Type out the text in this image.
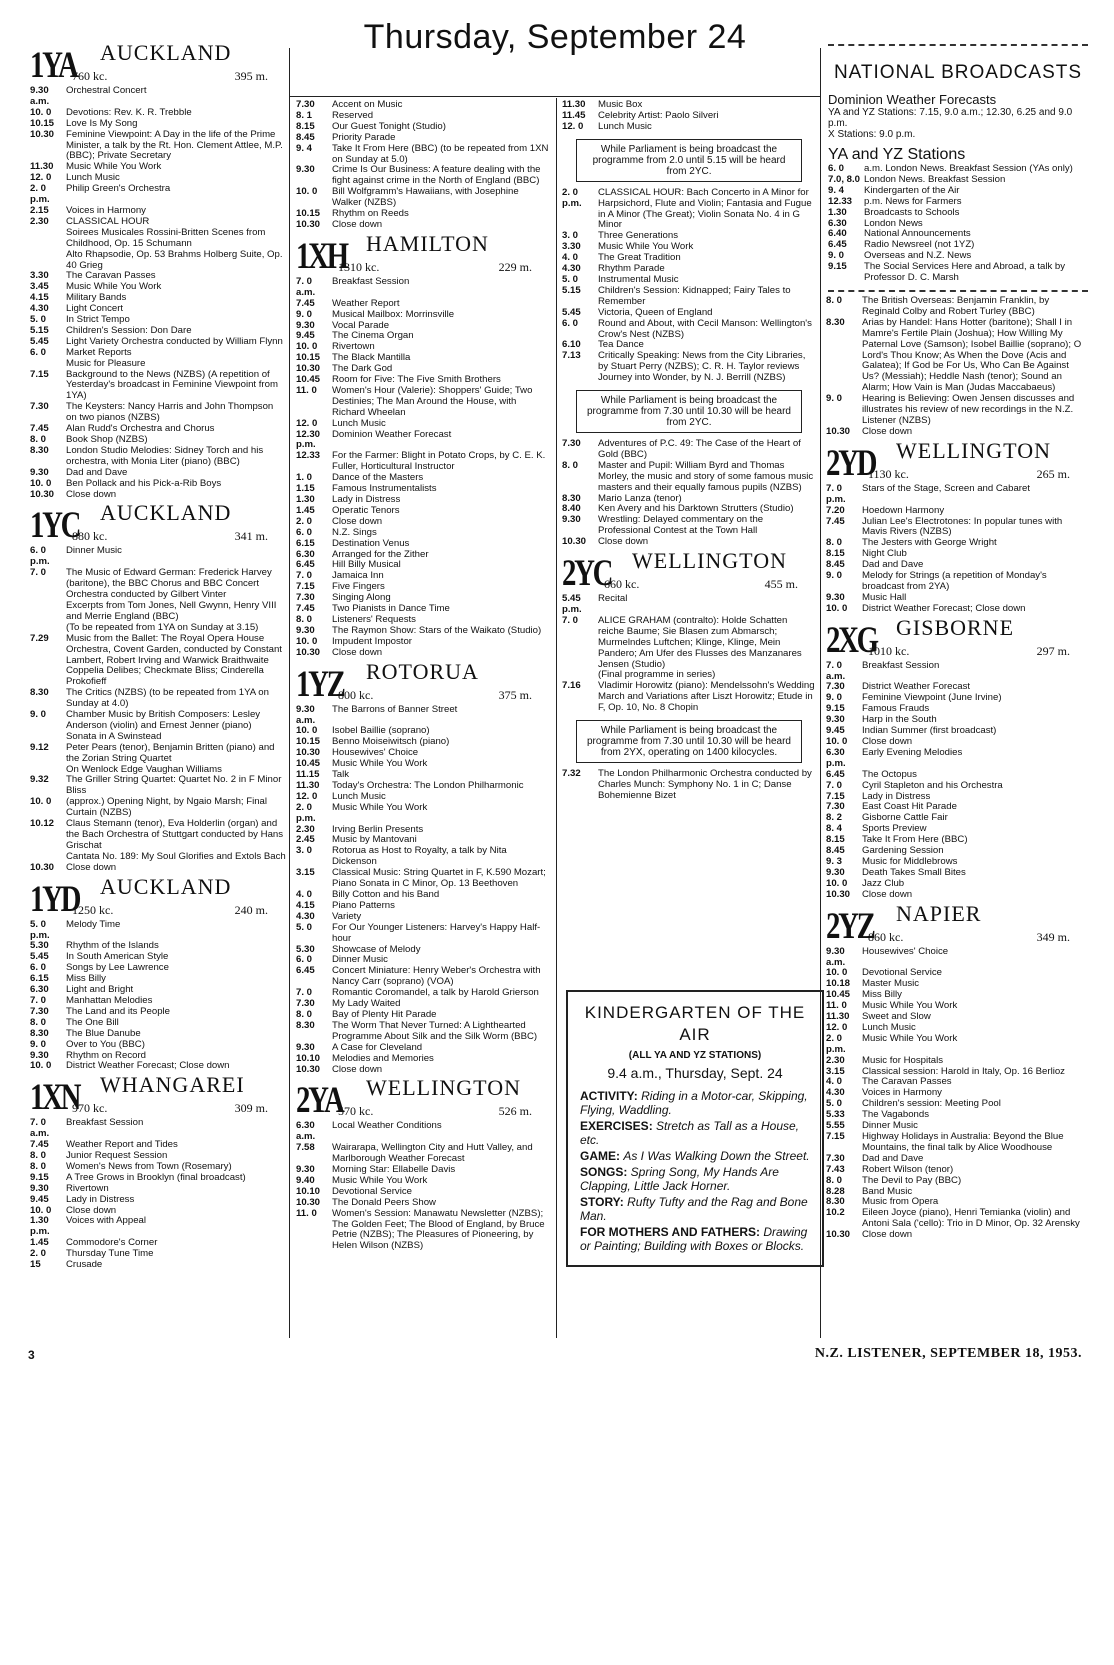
Thursday, September 24
1YA
760 kc.
AUCKLAND
395 m.
9.30 a.m.
Orchestral Concert
10. 0	Devotions: Rev. K. R. Trebble
10.15	Love Is My Song
10.30	Feminine Viewpoint: A Day in the life of the Prime Minister, a talk by the Rt. Hon. Clement Attlee, M.P. (BBC); Private Secretary
11.30	Music While You Work
12. 0	Lunch Music
2. 0 p.m.
Philip Green's Orchestra
2.15	Voices in Harmony
2.30	CLASSICAL HOUR
Soirees Musicales Rossini-Britten Scenes from Childhood, Op. 15 Schumann
Alto Rhapsodie, Op. 53 Brahms Holberg Suite, Op. 40 Grieg
3.30	The Caravan Passes
3.45	Music While You Work
4.15	Military Bands
4.30	Light Concert
5. 0	In Strict Tempo
5.15	Children's Session: Don Dare
5.45	Light Variety Orchestra conducted by William Flynn
6. 0	Market Reports
Music for Pleasure
7.15	Background to the News (NZBS) (A repetition of Yesterday's broadcast in Feminine Viewpoint from 1YA)
7.30	The Keysters: Nancy Harris and John Thompson on two pianos (NZBS)
7.45	Alan Rudd's Orchestra and Chorus
8. 0	Book Shop (NZBS)
8.30	London Studio Melodies: Sidney Torch and his orchestra, with Monia Liter (piano) (BBC)
9.30	Dad and Dave
10. 0	Ben Pollack and his Pick-a-Rib Boys
10.30	Close down
1YC
880 kc.
AUCKLAND
341 m.
6. 0 p.m.
Dinner Music
7. 0	The Music of Edward German: Frederick Harvey (baritone), the BBC Chorus and BBC Concert Orchestra conducted by Gilbert Vinter
Excerpts from Tom Jones, Nell Gwynn, Henry VIII and Merrie England (BBC)
(To be repeated from 1YA on Sunday at 3.15)
7.29	Music from the Ballet: The Royal Opera House Orchestra, Covent Garden, conducted by Constant Lambert, Robert Irving and Warwick Braithwaite
Coppelia Delibes; Checkmate Bliss; Cinderella Prokofieff
8.30	The Critics (NZBS) (to be repeated from 1YA on Sunday at 4.0)
9. 0	Chamber Music by British Composers: Lesley Anderson (violin) and Ernest Jenner (piano)
Sonata in A Swinstead
9.12	Peter Pears (tenor), Benjamin Britten (piano) and the Zorian String Quartet
On Wenlock Edge Vaughan Williams
9.32	The Griller String Quartet: Quartet No. 2 in F Minor Bliss
10. 0	(approx.) Opening Night, by Ngaio Marsh; Final Curtain (NZBS)
10.12	Claus Stemann (tenor), Eva Holderlin (organ) and the Bach Orchestra of Stuttgart conducted by Hans Grischat
Cantata No. 189: My Soul Glorifies and Extols Bach
10.30	Close down
1YD
1250 kc.
AUCKLAND
240 m.
5. 0 p.m.
Melody Time
5.30	Rhythm of the Islands
5.45	In South American Style
6. 0	Songs by Lee Lawrence
6.15	Miss Billy
6.30	Light and Bright
7. 0	Manhattan Melodies
7.30	The Land and its People
8. 0	The One Bill
8.30	The Blue Danube
9. 0	Over to You (BBC)
9.30	Rhythm on Record
10. 0	District Weather Forecast; Close down
1XN
970 kc.
WHANGAREI
309 m.
7. 0 a.m.
Breakfast Session
7.45	Weather Report and Tides
8. 0	Junior Request Session
8. 0	Women's News from Town (Rosemary)
9.15	A Tree Grows in Brooklyn (final broadcast)
9.30	Rivertown
9.45	Lady in Distress
10. 0	Close down
1.30 p.m.
Voices with Appeal
1.45	Commodore's Corner
2. 0	Thursday Tune Time
15	Crusade
7.30	Accent on Music
8. 1	Reserved
8.15	Our Guest Tonight (Studio)
8.45	Priority Parade
9. 4	Take It From Here (BBC) (to be repeated from 1XN on Sunday at 5.0)
9.30	Crime Is Our Business: A feature dealing with the fight against crime in the North of England (BBC)
10. 0	Bill Wolfgramm's Hawaiians, with Josephine Walker (NZBS)
10.15	Rhythm on Reeds
10.30	Close down
1XH
1310 kc.
HAMILTON
229 m.
7. 0 a.m.
Breakfast Session
7.45	Weather Report
9. 0	Musical Mailbox: Morrinsville
9.30	Vocal Parade
9.45	The Cinema Organ
10. 0	Rivertown
10.15	The Black Mantilla
10.30	The Dark God
10.45	Room for Five: The Five Smith Brothers
11. 0	Women's Hour (Valerie): Shoppers' Guide; Two Destinies; The Man Around the House, with Richard Wheelan
12. 0	Lunch Music
12.30 p.m.
Dominion Weather Forecast
12.33	For the Farmer: Blight in Potato Crops, by C. E. K. Fuller, Horticultural Instructor
1. 0	Dance of the Masters
1.15	Famous Instrumentalists
1.30	Lady in Distress
1.45	Operatic Tenors
2. 0	Close down
6. 0	N.Z. Sings
6.15	Destination Venus
6.30	Arranged for the Zither
6.45	Hill Billy Musical
7. 0	Jamaica Inn
7.15	Five Fingers
7.30	Singing Along
7.45	Two Pianists in Dance Time
8. 0	Listeners' Requests
9.30	The Raymon Show: Stars of the Waikato (Studio)
10. 0	Impudent Impostor
10.30	Close down
1YZ
800 kc.
ROTORUA
375 m.
9.30 a.m.
The Barrons of Banner Street
10. 0	Isobel Baillie (soprano)
10.15	Benno Moiseiwitsch (piano)
10.30	Housewives' Choice
10.45	Music While You Work
11.15	Talk
11.30	Today's Orchestra: The London Philharmonic
12. 0	Lunch Music
2. 0 p.m.
Music While You Work
2.30	Irving Berlin Presents
2.45	Music by Mantovani
3. 0	Rotorua as Host to Royalty, a talk by Nita Dickenson
3.15	Classical Music: String Quartet in F, K.590 Mozart; Piano Sonata in C Minor, Op. 13 Beethoven
4. 0	Billy Cotton and his Band
4.15	Piano Patterns
4.30	Variety
5. 0	For Our Younger Listeners: Harvey's Happy Half-hour
5.30	Showcase of Melody
6. 0	Dinner Music
6.45	Concert Miniature: Henry Weber's Orchestra with Nancy Carr (soprano) (VOA)
7. 0	Romantic Coromandel, a talk by Harold Grierson
7.30	My Lady Waited
8. 0	Bay of Plenty Hit Parade
8.30	The Worm That Never Turned: A Lighthearted Programme About Silk and the Silk Worm (BBC)
9.30	A Case for Cleveland
10.10	Melodies and Memories
10.30	Close down
2YA
570 kc.
WELLINGTON
526 m.
6.30 a.m.
Local Weather Conditions
7.58	Wairarapa, Wellington City and Hutt Valley, and Marlborough Weather Forecast
9.30	Morning Star: Ellabelle Davis
9.40	Music While You Work
10.10	Devotional Service
10.30	The Donald Peers Show
11. 0	Women's Session: Manawatu Newsletter (NZBS); The Golden Feet; The Blood of England, by Bruce Petrie (NZBS); The Pleasures of Pioneering, by Helen Wilson (NZBS)
11.30	Music Box
11.45	Celebrity Artist: Paolo Silveri
12. 0	Lunch Music
While Parliament is being broadcast the programme from 2.0 until 5.15 will be heard from 2YC.
2. 0 p.m.
CLASSICAL HOUR: Bach Concerto in A Minor for Harpsichord, Flute and Violin; Fantasia and Fugue in A Minor (The Great); Violin Sonata No. 4 in G Minor
3. 0	Three Generations
3.30	Music While You Work
4. 0	The Great Tradition
4.30	Rhythm Parade
5. 0	Instrumental Music
5.15	Children's Session: Kidnapped; Fairy Tales to Remember
5.45	Victoria, Queen of England
6. 0	Round and About, with Cecil Manson: Wellington's Crow's Nest (NZBS)
6.10	Tea Dance
7.13	Critically Speaking: News from the City Libraries, by Stuart Perry (NZBS); C. R. H. Taylor reviews Journey into Wonder, by N. J. Berrill (NZBS)
While Parliament is being broadcast the programme from 7.30 until 10.30 will be heard from 2YC.
7.30	Adventures of P.C. 49: The Case of the Heart of Gold (BBC)
8. 0	Master and Pupil: William Byrd and Thomas Morley, the music and story of some famous music masters and their equally famous pupils (NZBS)
8.30	Mario Lanza (tenor)
8.40	Ken Avery and his Darktown Strutters (Studio)
9.30	Wrestling: Delayed commentary on the Professional Contest at the Town Hall
10.30	Close down
2YC
660 kc.
WELLINGTON
455 m.
5.45 p.m.
Recital
7. 0	ALICE GRAHAM (contralto): Holde Schatten reiche Baume; Sie Blasen zum Abmarsch; Murmelndes Luftchen; Klinge, Klinge, Mein Pandero; Am Ufer des Flusses des Manzanares Jensen (Studio)
(Final programme in series)
7.16	Vladimir Horowitz (piano): Mendelssohn's Wedding March and Variations after Liszt Horowitz; Etude in F, Op. 10, No. 8 Chopin
While Parliament is being broadcast the programme from 7.30 until 10.30 will be heard from 2YX, operating on 1400 kilocycles.
7.32	The London Philharmonic Orchestra conducted by Charles Munch: Symphony No. 1 in C; Danse Bohemienne Bizet
KINDERGARTEN OF THE AIR
(ALL YA AND YZ STATIONS)
9.4 a.m., Thursday, Sept. 24
ACTIVITY: Riding in a Motor-car, Skipping, Flying, Waddling.
EXERCISES: Stretch as Tall as a House, etc.
GAME: As I Was Walking Down the Street.
SONGS: Spring Song, My Hands Are Clapping, Little Jack Horner.
STORY: Rufty Tufty and the Rag and Bone Man.
FOR MOTHERS AND FATHERS: Drawing or Painting; Building with Boxes or Blocks.
NATIONAL BROADCASTS
Dominion Weather Forecasts
YA and YZ Stations: 7.15, 9.0 a.m.; 12.30, 6.25 and 9.0 p.m.
X Stations: 9.0 p.m.
YA and YZ Stations
6. 0	a.m. London News. Breakfast Session (YAs only)
7.0, 8.0 London News. Breakfast Session
9. 4	Kindergarten of the Air
12.33	p.m. News for Farmers
1.30	Broadcasts to Schools
6.30	London News
6.40	National Announcements
6.45	Radio Newsreel (not 1YZ)
9. 0	Overseas and N.Z. News
9.15	The Social Services Here and Abroad, a talk by Professor D. C. Marsh
8. 0	The British Overseas: Benjamin Franklin, by Reginald Colby and Robert Turley (BBC)
8.30	Arias by Handel: Hans Hotter (baritone); Shall I in Mamre's Fertile Plain (Joshua); How Willing My Paternal Love (Samson); Isobel Baillie (soprano); O Lord's Thou Know; As When the Dove (Acis and Galatea); If God be For Us, Who Can Be Against Us? (Messiah); Heddle Nash (tenor); Sound an Alarm; How Vain is Man (Judas Maccabaeus)
9. 0	Hearing is Believing: Owen Jensen discusses and illustrates his review of new recordings in the N.Z. Listener (NZBS)
10.30	Close down
2YD
1130 kc.
WELLINGTON
265 m.
7. 0 p.m.
Stars of the Stage, Screen and Cabaret
7.20	Hoedown Harmony
7.45	Julian Lee's Electrotones: In popular tunes with Mavis Rivers (NZBS)
8. 0	The Jesters with George Wright
8.15	Night Club
8.45	Dad and Dave
9. 0	Melody for Strings (a repetition of Monday's broadcast from 2YA)
9.30	Music Hall
10. 0	District Weather Forecast; Close down
2XG
1010 kc.
GISBORNE
297 m.
7. 0 a.m.
Breakfast Session
7.30	District Weather Forecast
9. 0	Feminine Viewpoint (June Irvine)
9.15	Famous Frauds
9.30	Harp in the South
9.45	Indian Summer (first broadcast)
10. 0	Close down
6.30 p.m.
Early Evening Melodies
6.45	The Octopus
7. 0	Cyril Stapleton and his Orchestra
7.15	Lady in Distress
7.30	East Coast Hit Parade
8. 2	Gisborne Cattle Fair
8. 4	Sports Preview
8.15	Take It From Here (BBC)
8.45	Gardening Session
9. 3	Music for Middlebrows
9.30	Death Takes Small Bites
10. 0	Jazz Club
10.30	Close down
2YZ
860 kc.
NAPIER
349 m.
9.30 a.m.
Housewives' Choice
10. 0	Devotional Service
10.18	Master Music
10.45	Miss Billy
11. 0	Music While You Work
11.30	Sweet and Slow
12. 0	Lunch Music
2. 0 p.m.
Music While You Work
2.30	Music for Hospitals
3.15	Classical session: Harold in Italy, Op. 16 Berlioz
4. 0	The Caravan Passes
4.30	Voices in Harmony
5. 0	Children's session: Meeting Pool
5.33	The Vagabonds
5.55	Dinner Music
7.15	Highway Holidays in Australia: Beyond the Blue Mountains, the final talk by Alice Woodhouse
7.30	Dad and Dave
7.43	Robert Wilson (tenor)
8. 0	The Devil to Pay (BBC)
8.28	Band Music
8.30	Music from Opera
10.2	Eileen Joyce (piano), Henri Temianka (violin) and Antoni Sala ('cello): Trio in D Minor, Op. 32 Arensky
10.30	Close down
3	N.Z. LISTENER, SEPTEMBER 18, 1953.
